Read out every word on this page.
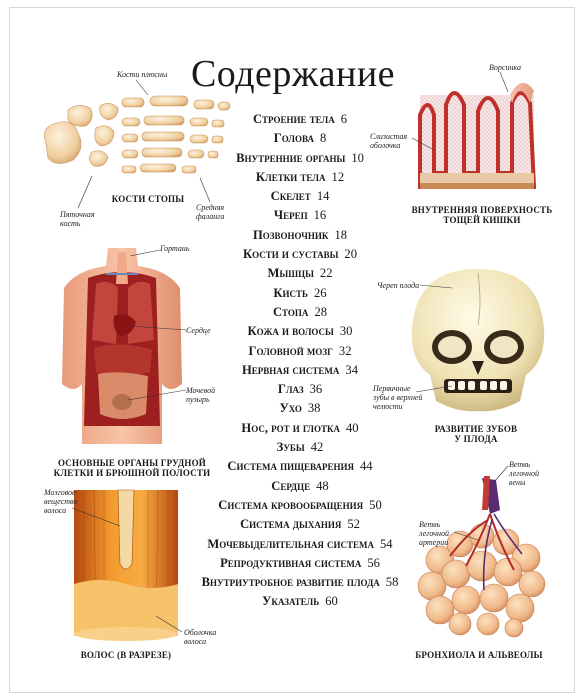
Содержание
Строение тела 6
Голова 8
Внутренние органы 10
Клетки тела 12
Скелет 14
Череп 16
Позвоночник 18
Кости и суставы 20
Мышцы 22
Кисть 26
Стопа 28
Кожа и волосы 30
Головной мозг 32
Нервная система 34
Глаз 36
Ухо 38
Нос, рот и глотка 40
Зубы 42
Система пищеварения 44
Сердце 48
Система кровообращения 50
Система дыхания 52
Мочевыделительная система 54
Репродуктивная система 56
Внутриутробное развитие плода 58
Указатель 60
Кости плюсны
КОСТИ СТОПЫ
Пяточная
кость
Средняя
фаланга
Ворсинка
Слизистая
оболочка
ВНУТРЕННЯЯ ПОВЕРХНОСТЬ
ТОЩЕЙ КИШКИ
Гортань
Сердце
Мочевой
пузырь
ОСНОВНЫЕ ОРГАНЫ ГРУДНОЙ
КЛЕТКИ И БРЮШНОЙ ПОЛОСТИ
Череп плода
Первичные
зубы в верхней
челюсти
РАЗВИТИЕ ЗУБОВ
У ПЛОДА
Мозговое
вещество
волоса
Оболочка
волоса
ВОЛОС (В РАЗРЕЗЕ)
Ветвь
легочной
вены
Ветвь
легочной
артерии
БРОНХИОЛА И АЛЬВЕОЛЫ
